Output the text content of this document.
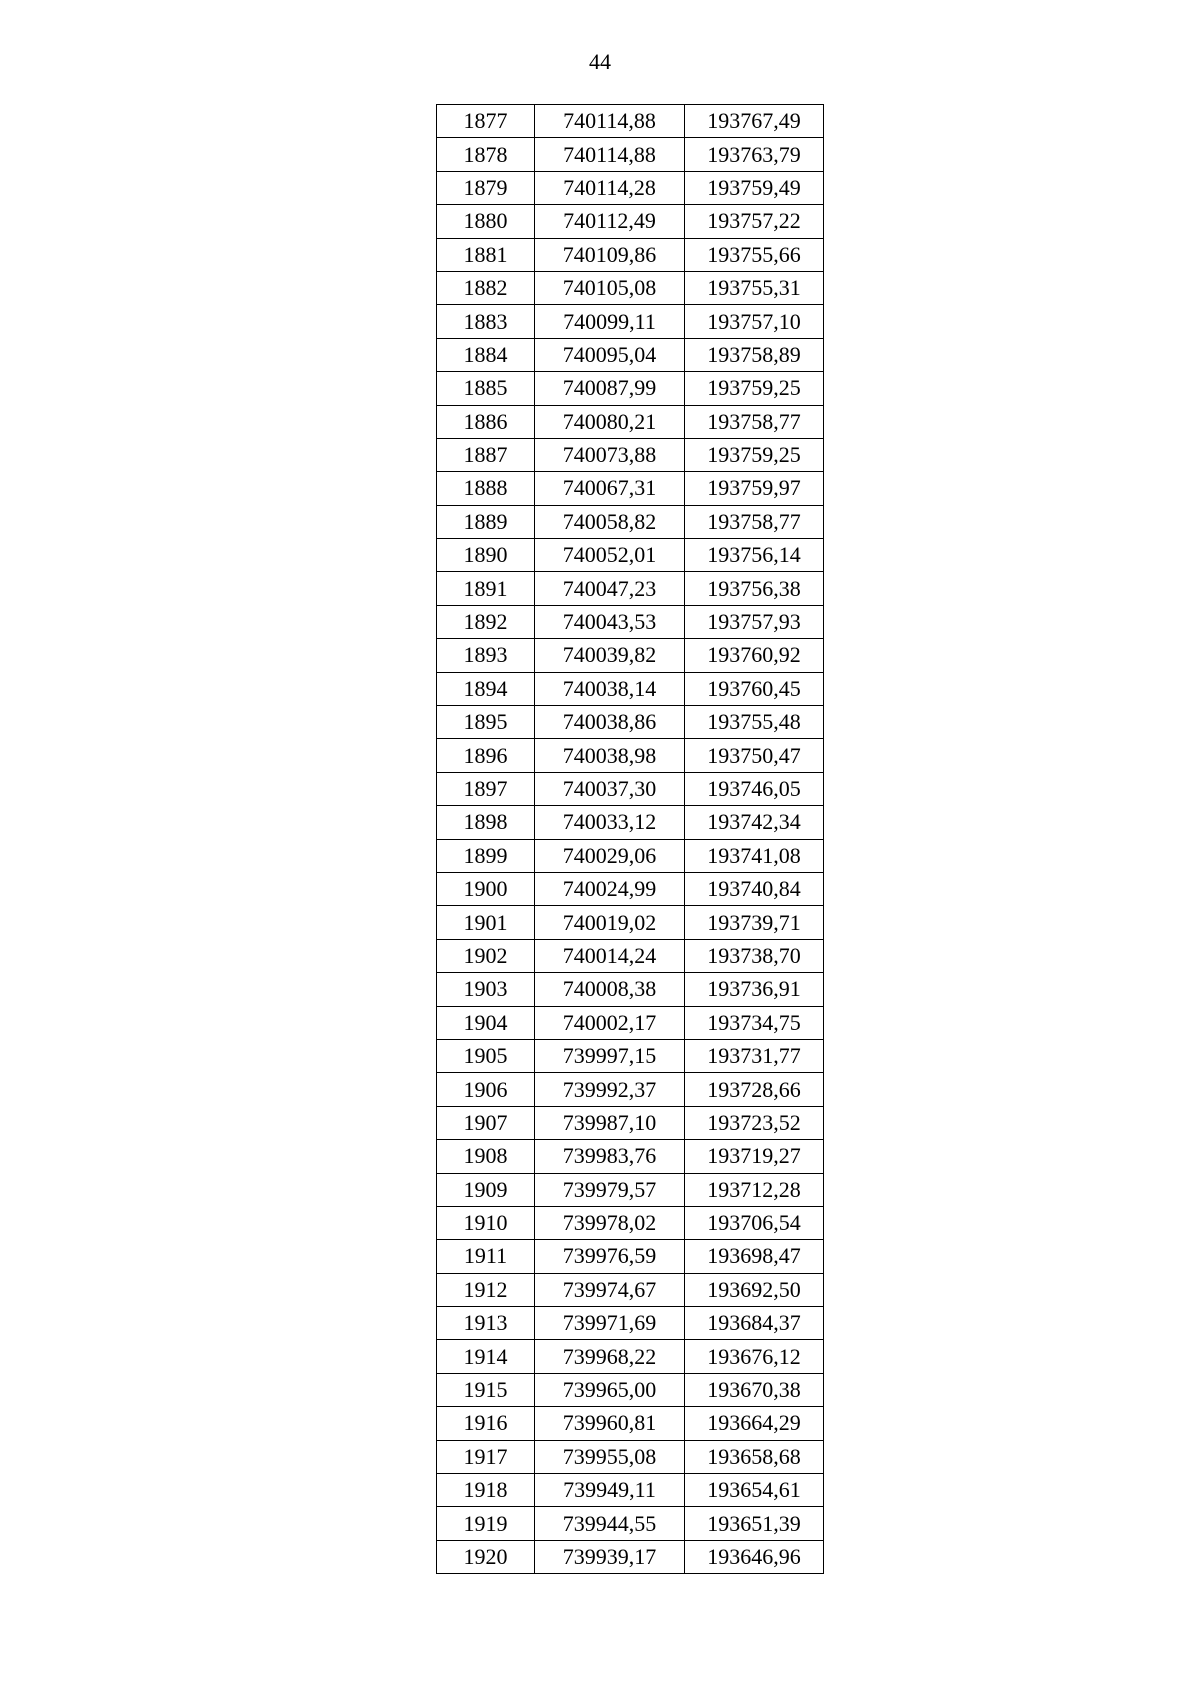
44
1877	740114,88	193767,49
1878	740114,88	193763,79
1879	740114,28	193759,49
1880	740112,49	193757,22
1881	740109,86	193755,66
1882	740105,08	193755,31
1883	740099,11	193757,10
1884	740095,04	193758,89
1885	740087,99	193759,25
1886	740080,21	193758,77
1887	740073,88	193759,25
1888	740067,31	193759,97
1889	740058,82	193758,77
1890	740052,01	193756,14
1891	740047,23	193756,38
1892	740043,53	193757,93
1893	740039,82	193760,92
1894	740038,14	193760,45
1895	740038,86	193755,48
1896	740038,98	193750,47
1897	740037,30	193746,05
1898	740033,12	193742,34
1899	740029,06	193741,08
1900	740024,99	193740,84
1901	740019,02	193739,71
1902	740014,24	193738,70
1903	740008,38	193736,91
1904	740002,17	193734,75
1905	739997,15	193731,77
1906	739992,37	193728,66
1907	739987,10	193723,52
1908	739983,76	193719,27
1909	739979,57	193712,28
1910	739978,02	193706,54
1911	739976,59	193698,47
1912	739974,67	193692,50
1913	739971,69	193684,37
1914	739968,22	193676,12
1915	739965,00	193670,38
1916	739960,81	193664,29
1917	739955,08	193658,68
1918	739949,11	193654,61
1919	739944,55	193651,39
1920	739939,17	193646,96
